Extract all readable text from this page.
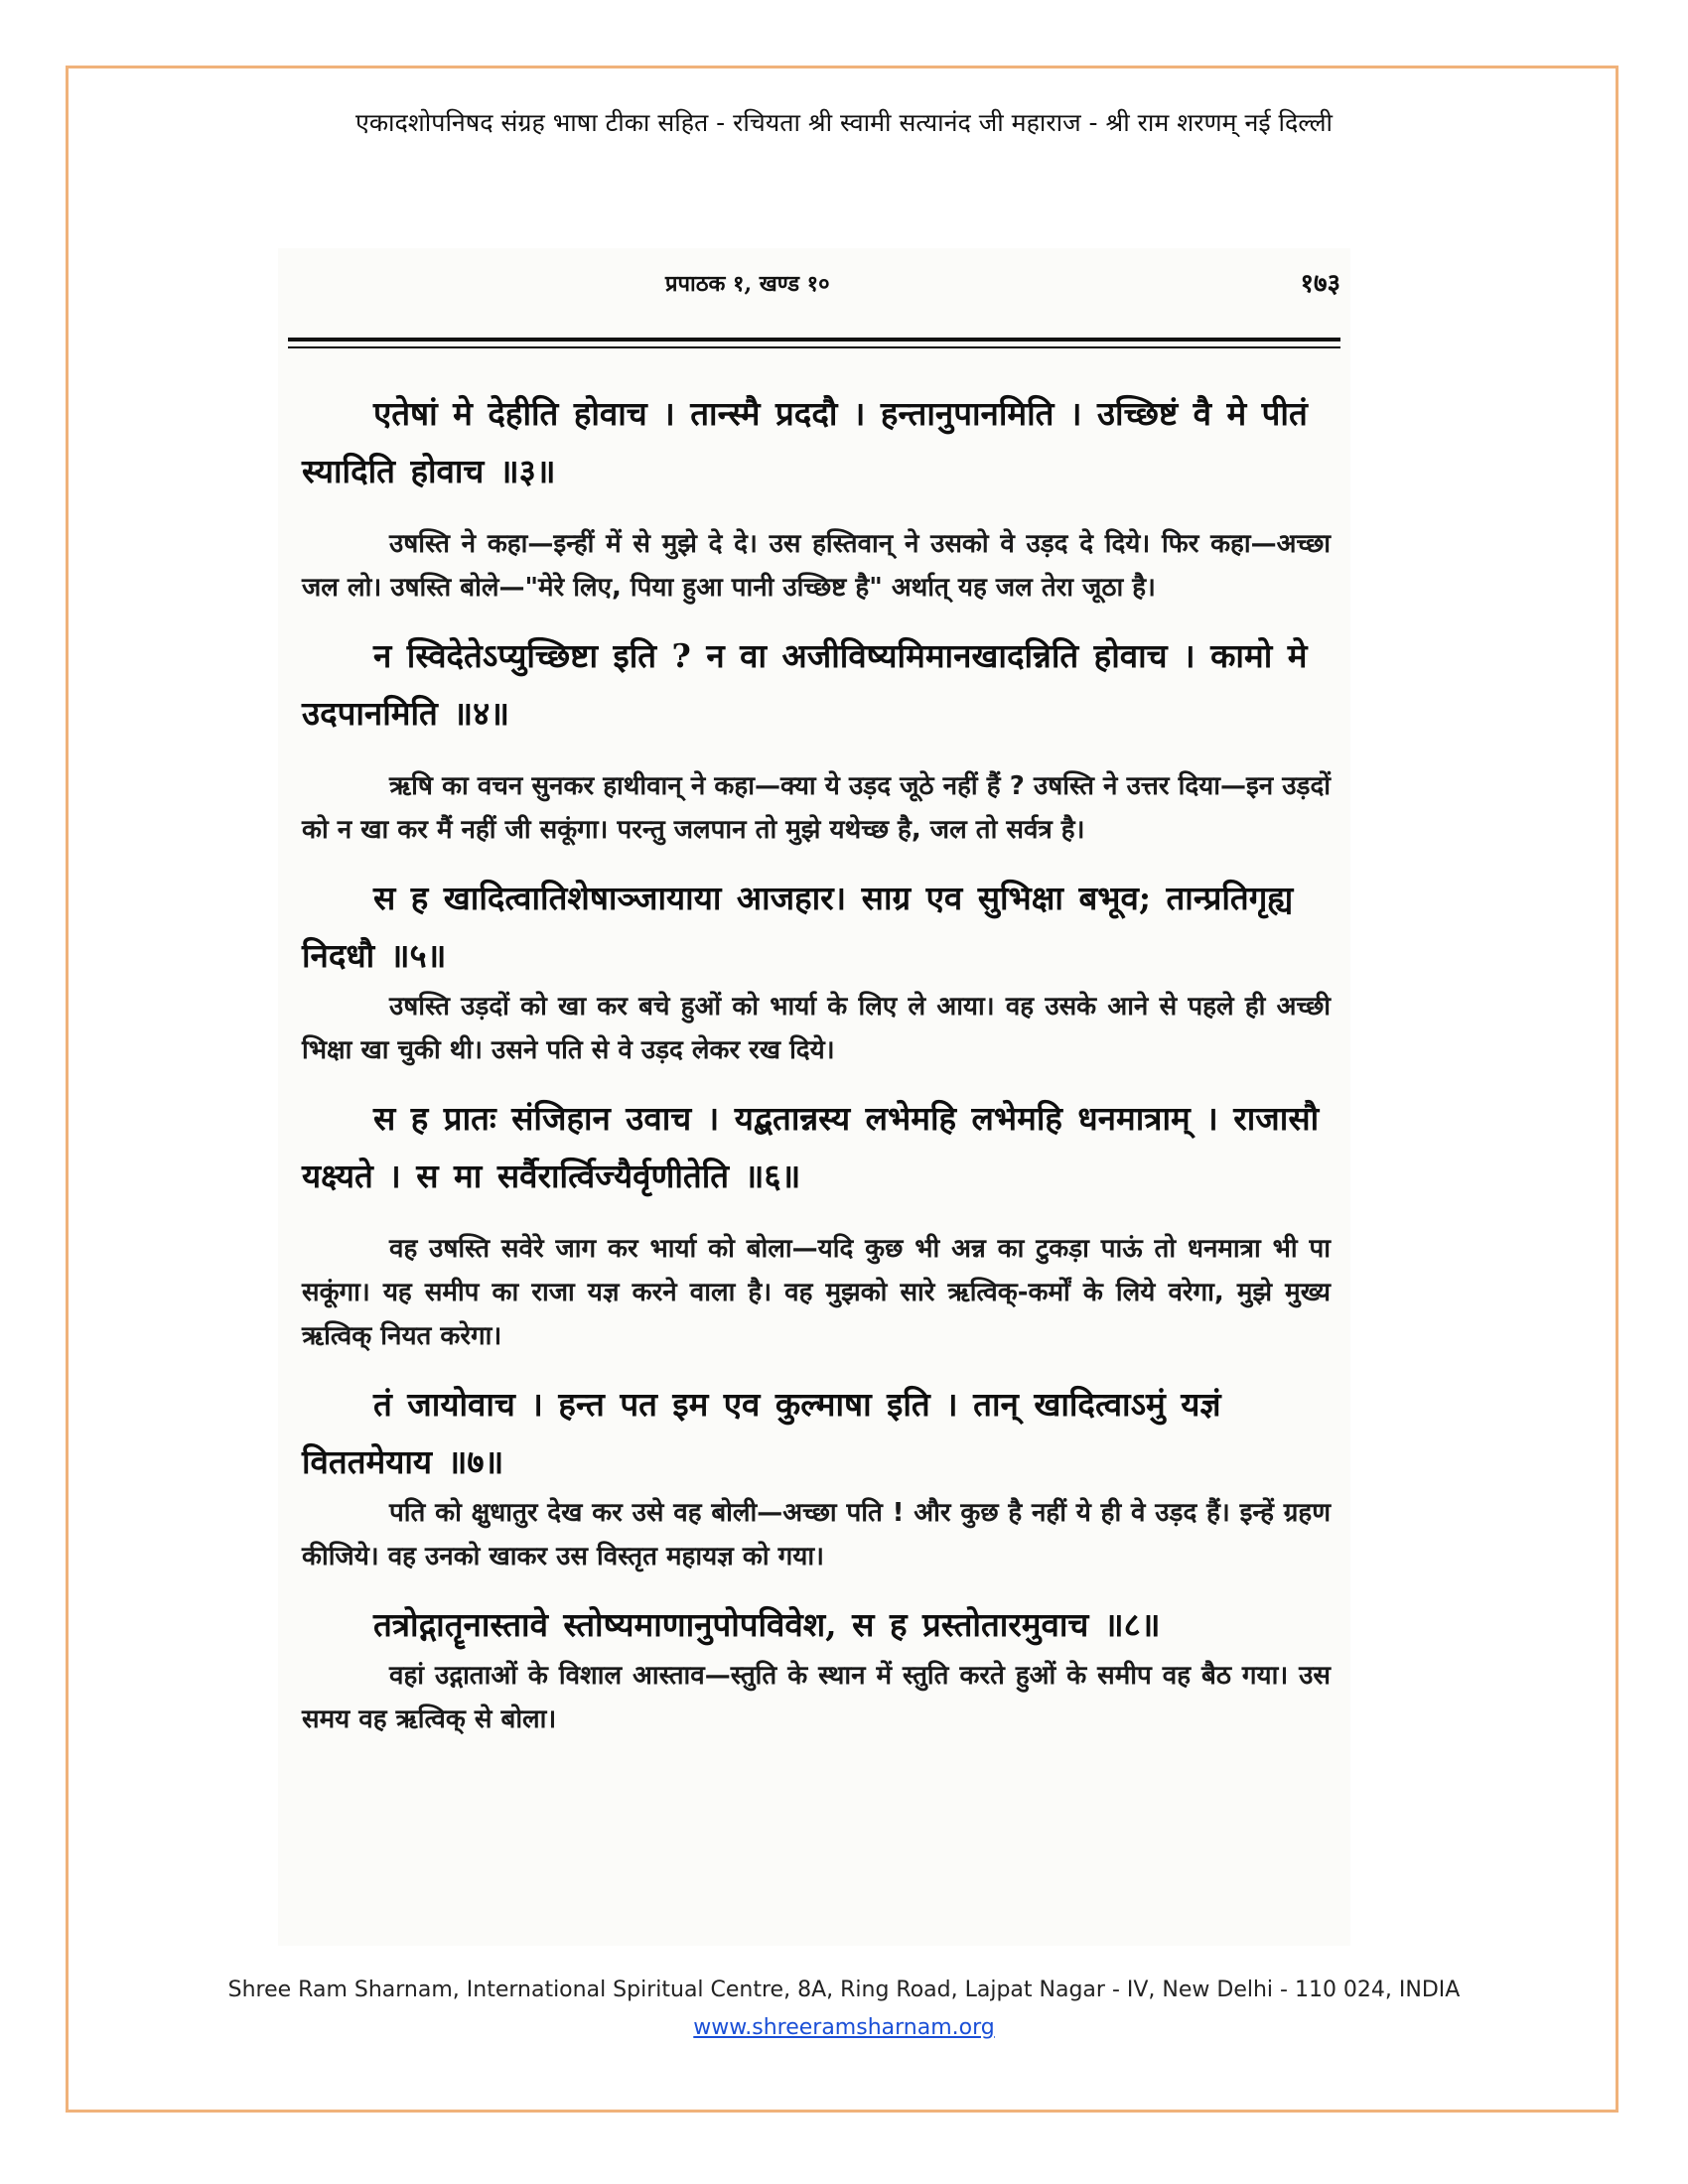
एकादशोपनिषद संग्रह भाषा टीका सहित - रचियता श्री स्वामी सत्यानंद जी महाराज - श्री राम शरणम् नई दिल्ली
प्रपाठक १, खण्ड १०	१७३

एतेषां मे देहीति होवाच । तान्स्मै प्रददौ । हन्तानुपानमिति । उच्छिष्टं वै मे पीतं स्यादिति होवाच ॥३॥

उषस्ति ने कहा—इन्हीं में से मुझे दे दे। उस हस्तिवान् ने उसको वे उड़द दे दिये। फिर कहा—अच्छा जल लो। उषस्ति बोले—"मेरे लिए, पिया हुआ पानी उच्छिष्ट है" अर्थात् यह जल तेरा जूठा है।

न स्विदेतेऽप्युच्छिष्टा इति ? न वा अजीविष्यमिमानखादन्निति होवाच । कामो मे उदपानमिति ॥४॥

ऋषि का वचन सुनकर हाथीवान् ने कहा—क्या ये उड़द जूठे नहीं हैं ? उषस्ति ने उत्तर दिया—इन उड़दों को न खा कर मैं नहीं जी सकूंगा। परन्तु जलपान तो मुझे यथेच्छ है, जल तो सर्वत्र है।

स ह खादित्वातिशेषाञ्जायाया आजहार। साग्र एव सुभिक्षा बभूव; तान्प्रतिगृह्य निदधौ ॥५॥

उषस्ति उड़दों को खा कर बचे हुओं को भार्या के लिए ले आया। वह उसके आने से पहले ही अच्छी भिक्षा खा चुकी थी। उसने पति से वे उड़द लेकर रख दिये।

स ह प्रातः संजिहान उवाच । यद्बतान्नस्य लभेमहि लभेमहि धनमात्राम् । राजासौ यक्ष्यते । स मा सर्वैरार्त्विज्यैर्वृणीतेति ॥६॥

वह उषस्ति सवेरे जाग कर भार्या को बोला—यदि कुछ भी अन्न का टुकड़ा पाऊं तो धनमात्रा भी पा सकूंगा। यह समीप का राजा यज्ञ करने वाला है। वह मुझको सारे ऋत्विक्-कर्मों के लिये वरेगा, मुझे मुख्य ऋत्विक् नियत करेगा।

तं जायोवाच । हन्त पत इम एव कुल्माषा इति । तान् खादित्वाऽमुं यज्ञं विततमेयाय ॥७॥

पति को क्षुधातुर देख कर उसे वह बोली—अच्छा पति ! और कुछ है नहीं ये ही वे उड़द हैं। इन्हें ग्रहण कीजिये। वह उनको खाकर उस विस्तृत महायज्ञ को गया।

तत्रोद्गातॄनास्तावे स्तोष्यमाणानुपोपविवेश, स ह प्रस्तोतारमुवाच ॥८॥

वहां उद्गाताओं के विशाल आस्ताव—स्तुति के स्थान में स्तुति करते हुओं के समीप वह बैठ गया। उस समय वह ऋत्विक् से बोला।

Shree Ram Sharnam, International Spiritual Centre, 8A, Ring Road, Lajpat Nagar - IV, New Delhi - 110 024, INDIA
www.shreeramsharnam.org
